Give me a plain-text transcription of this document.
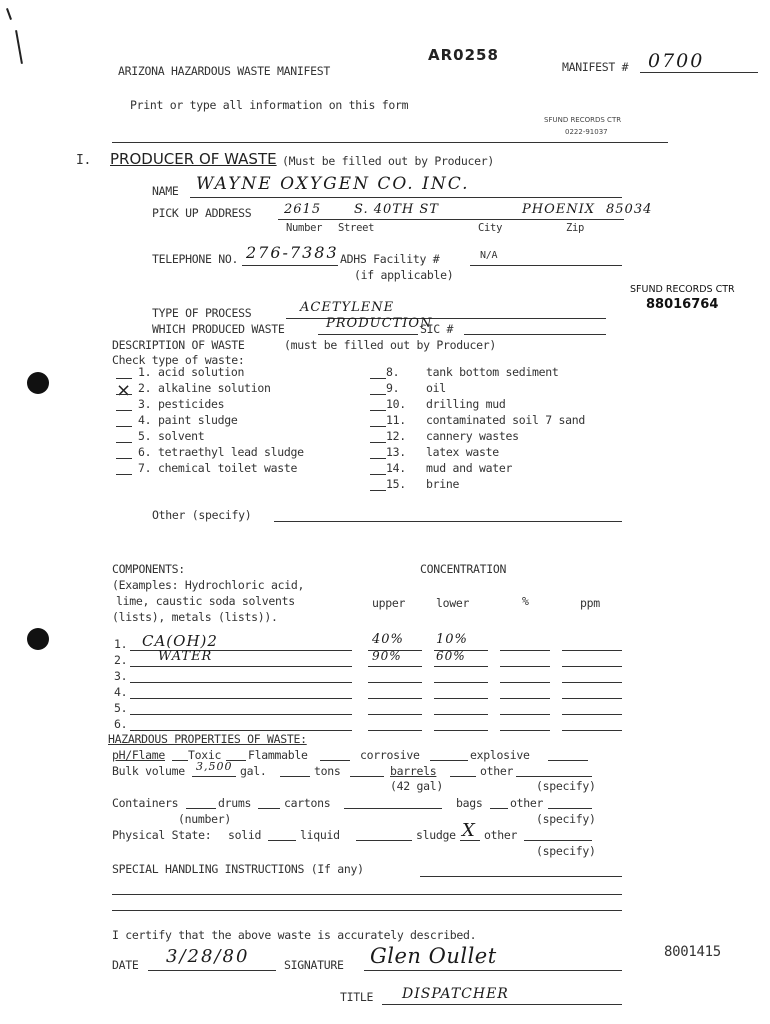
ARIZONA HAZARDOUS WASTE MANIFEST
AR0258
MANIFEST # 0700
Print or type all information on this form
SFUND RECORDS CTR
0222-91037
I. PRODUCER OF WASTE (Must be filled out by Producer)
NAME WAYNE OXYGEN CO. INC.
PICK UP ADDRESS	2615	S. 40TH ST	PHOENIX 85034
Number Street	City	Zip
TELEPHONE NO. 276-7383 ADHS Facility #	N/A
(if applicable)
SFUND RECORDS CTR
88016764
TYPE OF PROCESS	ACETYLENE
WHICH PRODUCED WASTE	PRODUCTION
SIC #
DESCRIPTION OF WASTE	(must be filled out by Producer)
Check type of waste:
1. acid solution
⨯ 2. alkaline solution
3. pesticides
4. paint sludge
5. solvent
6. tetraethyl lead sludge
7. chemical toilet waste
8. tank bottom sediment
9. oil
10. drilling mud
11. contaminated soil 7 sand
12. cannery wastes
13. latex waste
14. mud and water
15. brine
Other (specify)
COMPONENTS:	CONCENTRATION
(Examples: Hydrochloric acid,
lime, caustic soda solvents
(lists), metals (lists)).
upper	lower	%	ppm
1. CA(OH)2	40% 10%
2. WATER	90%	60%
3.
4.
5.
6.
HAZARDOUS PROPERTIES OF WASTE:
pH/Flame Toxic Flammable	corrosive	explosive
Bulk volume 3,500 gal.	tons	barrels	other
(42 gal)	(specify)
Containers	drums	cartons	bags other
(number)	(specify)
Physical State: solid	liquid	sludge X other
(specify)
SPECIAL HANDLING INSTRUCTIONS (If any)
I certify that the above waste is accurately described.
8001415
DATE 3/28/80	SIGNATURE Glen Oullet
TITLE DISPATCHER
